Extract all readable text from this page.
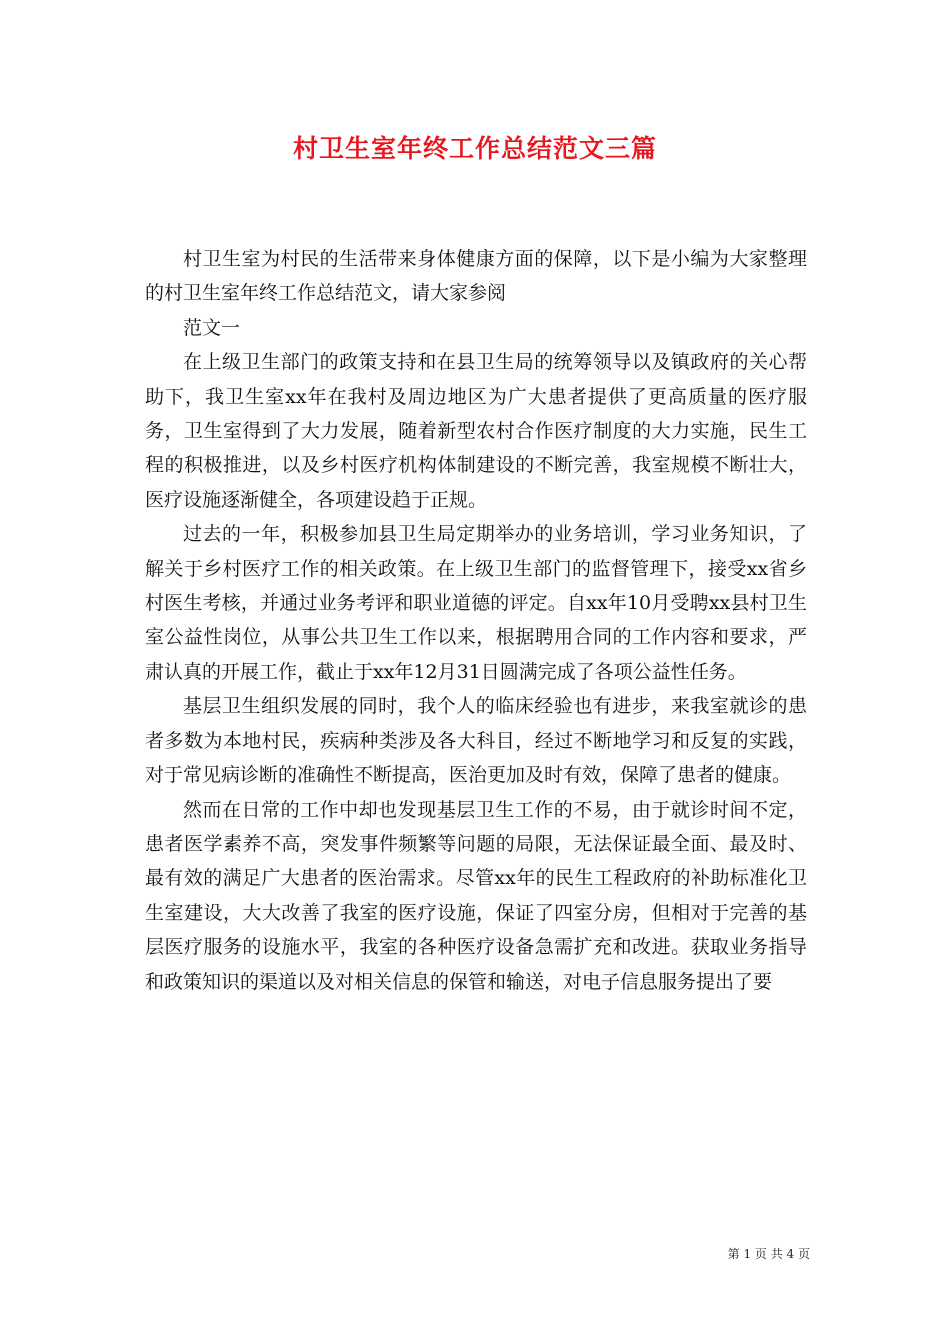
村卫生室年终工作总结范文三篇

村卫生室为村民的生活带来身体健康方面的保障，以下是小编为大家整理的村卫生室年终工作总结范文，请大家参阅

范文一

在上级卫生部门的政策支持和在县卫生局的统筹领导以及镇政府的关心帮助下，我卫生室xx年在我村及周边地区为广大患者提供了更高质量的医疗服务，卫生室得到了大力发展，随着新型农村合作医疗制度的大力实施，民生工程的积极推进，以及乡村医疗机构体制建设的不断完善，我室规模不断壮大，医疗设施逐渐健全，各项建设趋于正规。

过去的一年，积极参加县卫生局定期举办的业务培训，学习业务知识，了解关于乡村医疗工作的相关政策。在上级卫生部门的监督管理下，接受xx省乡村医生考核，并通过业务考评和职业道德的评定。自xx年10月受聘xx县村卫生室公益性岗位，从事公共卫生工作以来，根据聘用合同的工作内容和要求，严肃认真的开展工作，截止于xx年12月31日圆满完成了各项公益性任务。

基层卫生组织发展的同时，我个人的临床经验也有进步，来我室就诊的患者多数为本地村民，疾病种类涉及各大科目，经过不断地学习和反复的实践，对于常见病诊断的准确性不断提高，医治更加及时有效，保障了患者的健康。

然而在日常的工作中却也发现基层卫生工作的不易，由于就诊时间不定，患者医学素养不高，突发事件频繁等问题的局限，无法保证最全面、最及时、最有效的满足广大患者的医治需求。尽管xx年的民生工程政府的补助标准化卫生室建设，大大改善了我室的医疗设施，保证了四室分房，但相对于完善的基层医疗服务的设施水平，我室的各种医疗设备急需扩充和改进。获取业务指导和政策知识的渠道以及对相关信息的保管和输送，对电子信息服务提出了要

第 1 页 共 4 页
